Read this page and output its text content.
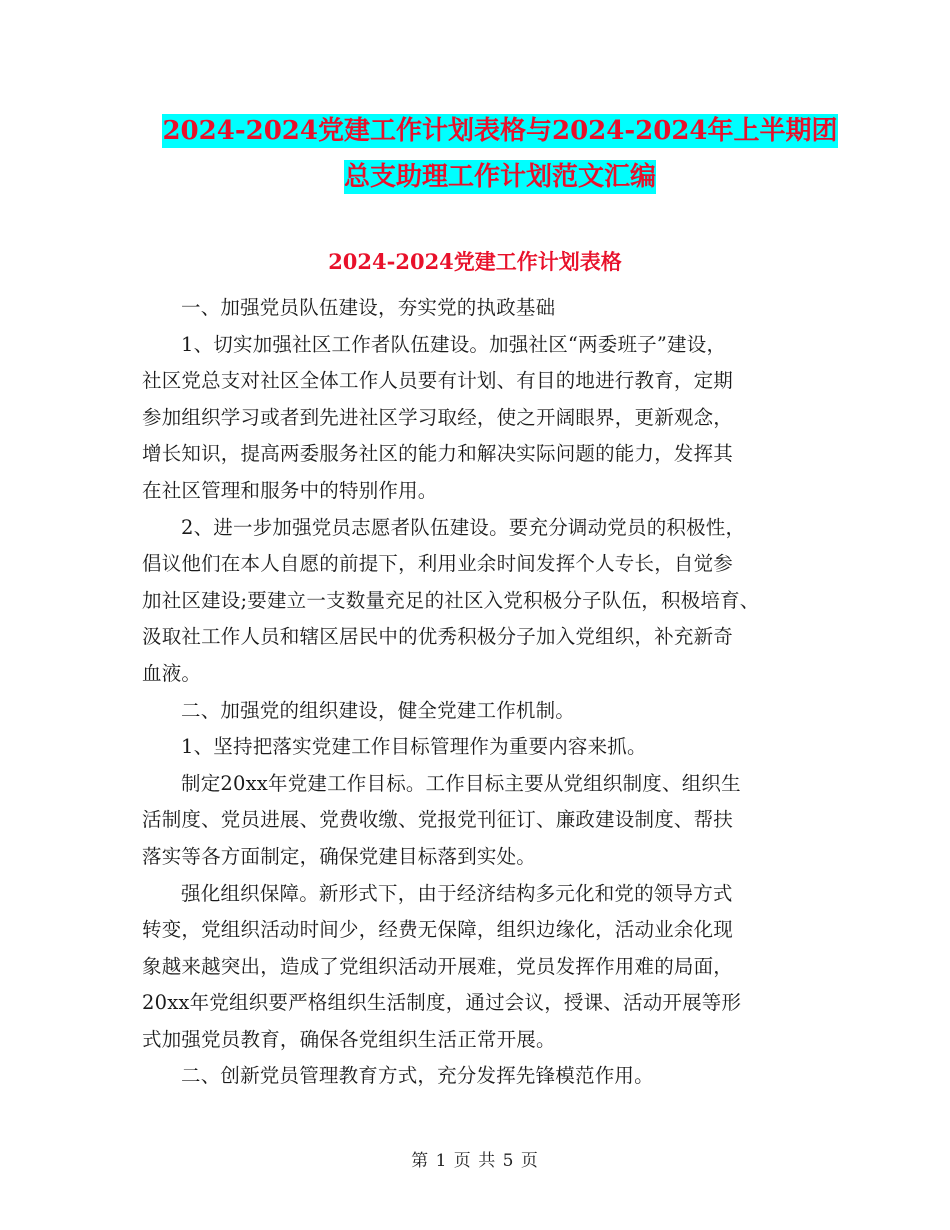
2024-2024党建工作计划表格与2024-2024年上半期团
总支助理工作计划范文汇编
2024-2024党建工作计划表格

一、加强党员队伍建设，夯实党的执政基础

1、切实加强社区工作者队伍建设。加强社区“两委班子”建设，
社区党总支对社区全体工作人员要有计划、有目的地进行教育，定期
参加组织学习或者到先进社区学习取经，使之开阔眼界，更新观念，
增长知识，提高两委服务社区的能力和解决实际问题的能力，发挥其
在社区管理和服务中的特别作用。

2、进一步加强党员志愿者队伍建设。要充分调动党员的积极性，
倡议他们在本人自愿的前提下，利用业余时间发挥个人专长，自觉参
加社区建设;要建立一支数量充足的社区入党积极分子队伍，积极培育、
汲取社工作人员和辖区居民中的优秀积极分子加入党组织，补充新奇
血液。

二、加强党的组织建设，健全党建工作机制。

1、坚持把落实党建工作目标管理作为重要内容来抓。

制定20xx年党建工作目标。工作目标主要从党组织制度、组织生
活制度、党员进展、党费收缴、党报党刊征订、廉政建设制度、帮扶
落实等各方面制定，确保党建目标落到实处。

强化组织保障。新形式下，由于经济结构多元化和党的领导方式
转变，党组织活动时间少，经费无保障，组织边缘化，活动业余化现
象越来越突出，造成了党组织活动开展难，党员发挥作用难的局面，
20xx年党组织要严格组织生活制度，通过会议，授课、活动开展等形
式加强党员教育，确保各党组织生活正常开展。

二、创新党员管理教育方式，充分发挥先锋模范作用。

第 1 页 共 5 页
